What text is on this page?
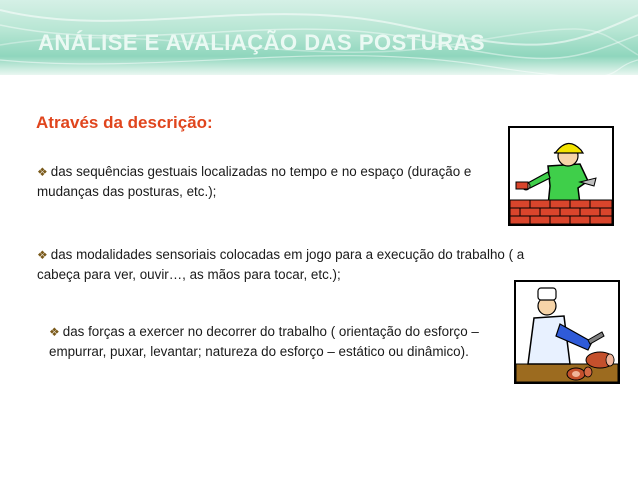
ANÁLISE E AVALIAÇÃO DAS POSTURAS
Através da descrição:
❖ das sequências gestuais localizadas no tempo e no espaço (duração e mudanças das posturas, etc.);
❖ das modalidades sensoriais colocadas em jogo para a execução do trabalho ( a cabeça para ver, ouvir…, as mãos para tocar, etc.);
❖ das forças a exercer no decorrer do trabalho ( orientação do esforço – empurrar, puxar, levantar; natureza do esforço – estático ou dinâmico).
